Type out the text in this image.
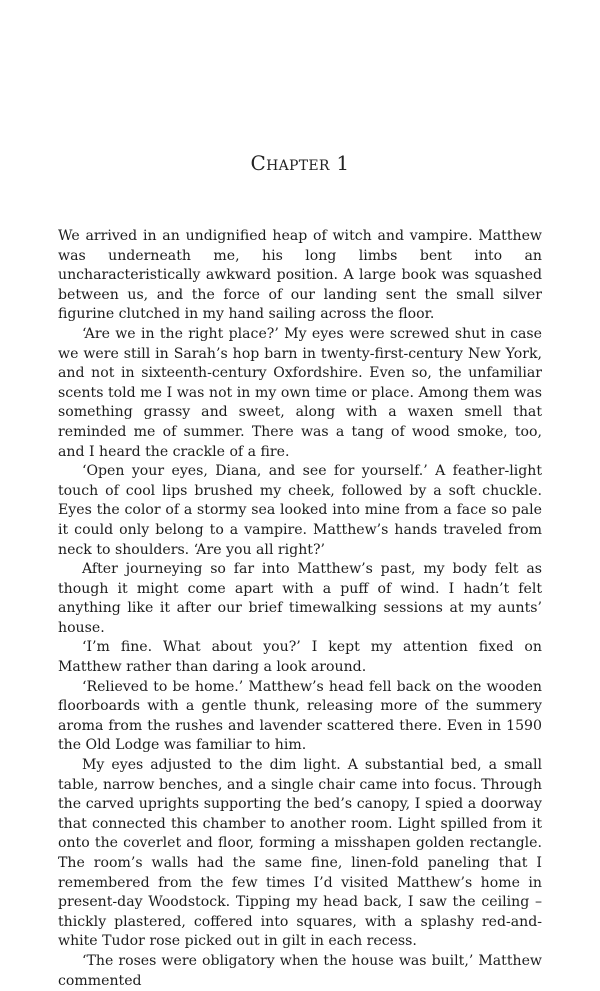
Chapter 1

We arrived in an undignified heap of witch and vampire. Matthew was underneath me, his long limbs bent into an uncharacteristically awkward position. A large book was squashed between us, and the force of our landing sent the small silver figurine clutched in my hand sailing across the floor.

‘Are we in the right place?’ My eyes were screwed shut in case we were still in Sarah’s hop barn in twenty-first-century New York, and not in sixteenth-century Oxfordshire. Even so, the unfamiliar scents told me I was not in my own time or place. Among them was something grassy and sweet, along with a waxen smell that reminded me of summer. There was a tang of wood smoke, too, and I heard the crackle of a fire.

‘Open your eyes, Diana, and see for yourself.’ A feather-light touch of cool lips brushed my cheek, followed by a soft chuckle. Eyes the color of a stormy sea looked into mine from a face so pale it could only belong to a vampire. Matthew’s hands traveled from neck to shoulders. ‘Are you all right?’

After journeying so far into Matthew’s past, my body felt as though it might come apart with a puff of wind. I hadn’t felt anything like it after our brief timewalking sessions at my aunts’ house.

‘I’m fine. What about you?’ I kept my attention fixed on Matthew rather than daring a look around.

‘Relieved to be home.’ Matthew’s head fell back on the wooden floorboards with a gentle thunk, releasing more of the summery aroma from the rushes and lavender scattered there. Even in 1590 the Old Lodge was familiar to him.

My eyes adjusted to the dim light. A substantial bed, a small table, narrow benches, and a single chair came into focus. Through the carved uprights supporting the bed’s canopy, I spied a doorway that connected this chamber to another room. Light spilled from it onto the coverlet and floor, forming a misshapen golden rectangle. The room’s walls had the same fine, linen-fold paneling that I remembered from the few times I’d visited Matthew’s home in present-day Woodstock. Tipping my head back, I saw the ceiling – thickly plastered, coffered into squares, with a splashy red-and-white Tudor rose picked out in gilt in each recess.

‘The roses were obligatory when the house was built,’ Matthew commented
